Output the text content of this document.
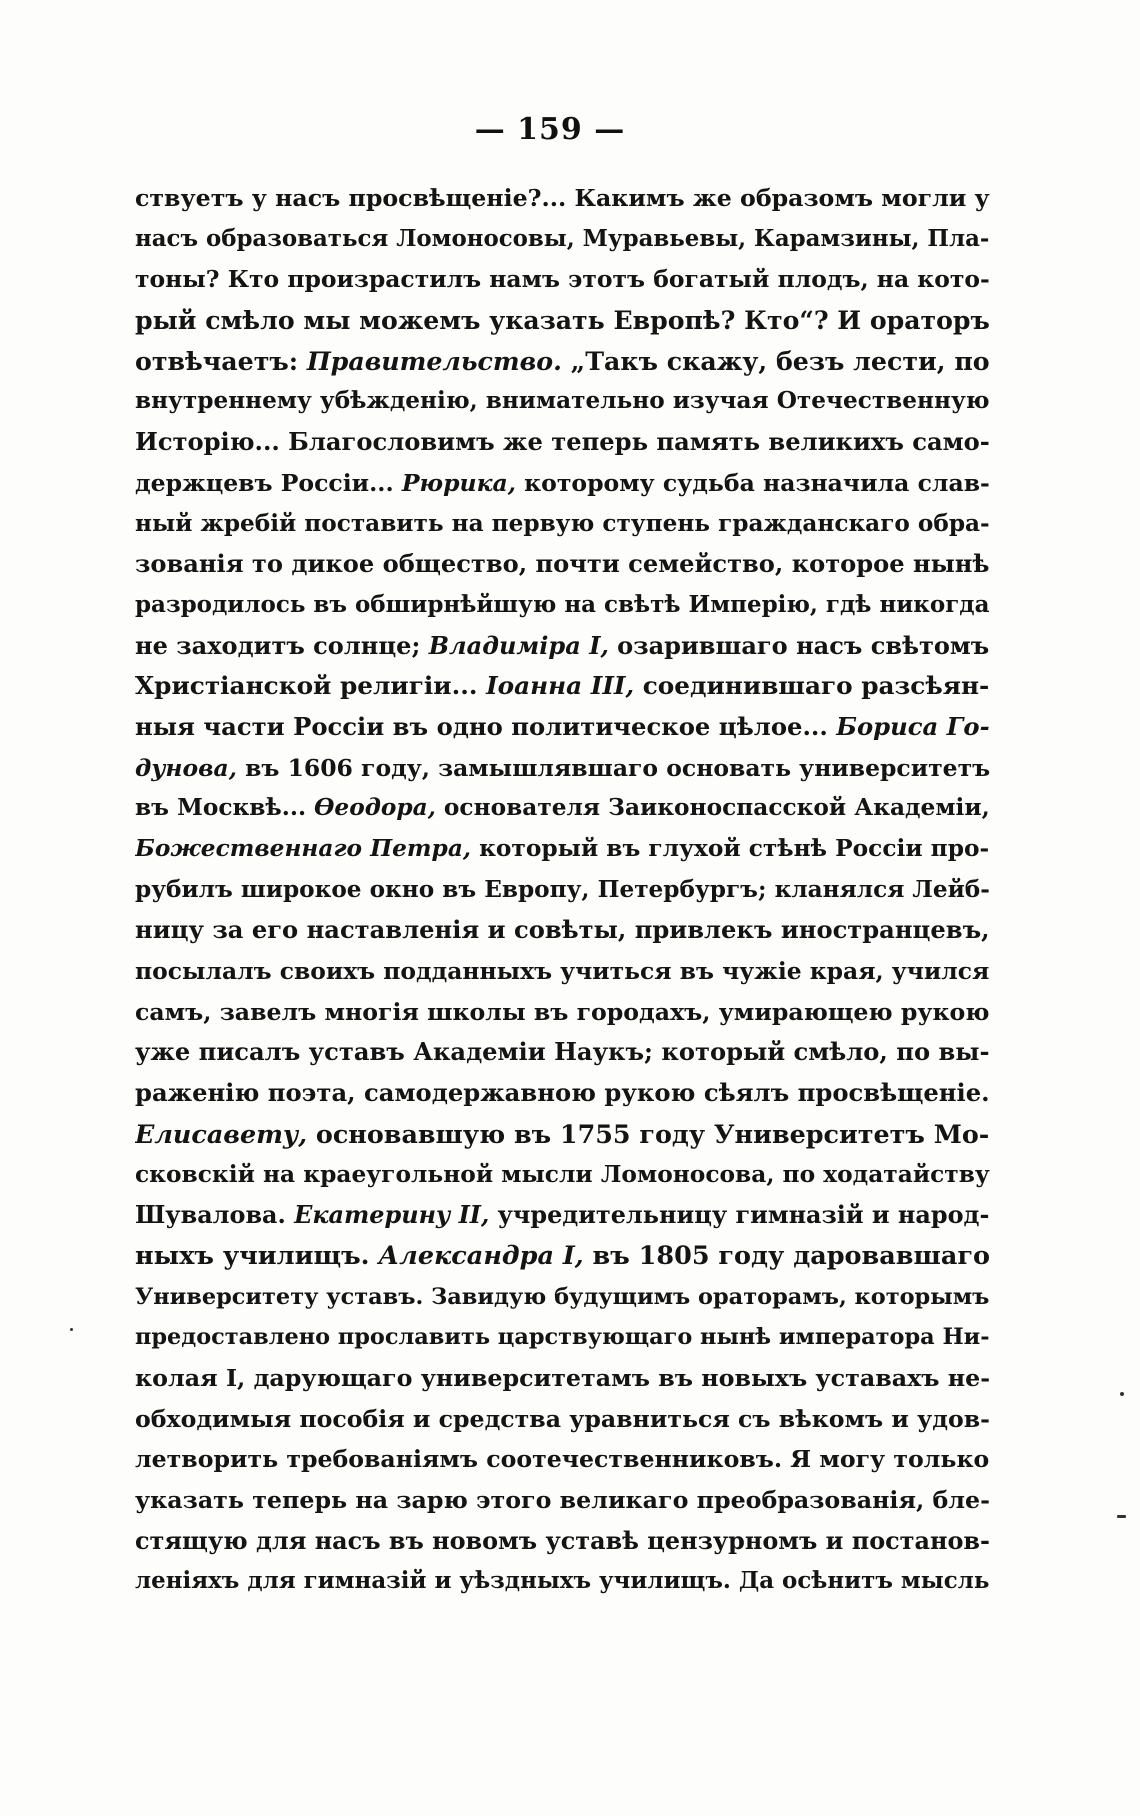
— 159 —
ствуетъ у насъ просвѣщеніе?... Какимъ же образомъ могли у
насъ образоваться Ломоносовы, Муравьевы, Карамзины, Пла-
тоны? Кто произрастилъ намъ этотъ богатый плодъ, на кото-
рый смѣло мы можемъ указать Европѣ? Кто“? И ораторъ
отвѣчаетъ: Правительство. „Такъ скажу, безъ лести, по
внутреннему убѣжденію, внимательно изучая Отечественную
Исторію... Благословимъ же теперь память великихъ само-
держцевъ Россіи... Рюрика, которому судьба назначила слав-
ный жребій поставить на первую ступень гражданскаго обра-
зованія то дикое общество, почти семейство, которое нынѣ
разродилось въ обширнѣйшую на свѣтѣ Имперію, гдѣ никогда
не заходитъ солнце; Владиміра I, озарившаго насъ свѣтомъ
Христіанской религіи... Іоанна III, соединившаго разсѣян-
ныя части Россіи въ одно политическое цѣлое... Бориса Го-
дунова, въ 1606 году, замышлявшаго основать университетъ
въ Москвѣ... Ѳеодора, основателя Заиконоспасской Академіи,
Божественнаго Петра, который въ глухой стѣнѣ Россіи про-
рубилъ широкое окно въ Европу, Петербургъ; кланялся Лейб-
ницу за его наставленія и совѣты, привлекъ иностранцевъ,
посылалъ своихъ подданныхъ учиться въ чужіе края, учился
самъ, завелъ многія школы въ городахъ, умирающею рукою
уже писалъ уставъ Академіи Наукъ; который смѣло, по вы-
раженію поэта, самодержавною рукою сѣялъ просвѣщеніе.
Елисавету, основавшую въ 1755 году Университетъ Мо-
сковскій на краеугольной мысли Ломоносова, по ходатайству
Шувалова. Екатерину II, учредительницу гимназій и народ-
ныхъ училищъ. Александра I, въ 1805 году даровавшаго
Университету уставъ. Завидую будущимъ ораторамъ, которымъ
предоставлено прославить царствующаго нынѣ императора Ни-
колая I, дарующаго университетамъ въ новыхъ уставахъ не-
обходимыя пособія и средства уравниться съ вѣкомъ и удов-
летворить требованіямъ соотечественниковъ. Я могу только
указать теперь на зарю этого великаго преобразованія, бле-
стящую для насъ въ новомъ уставѣ цензурномъ и постанов-
леніяхъ для гимназій и уѣздныхъ училищъ. Да осѣнитъ мысль
